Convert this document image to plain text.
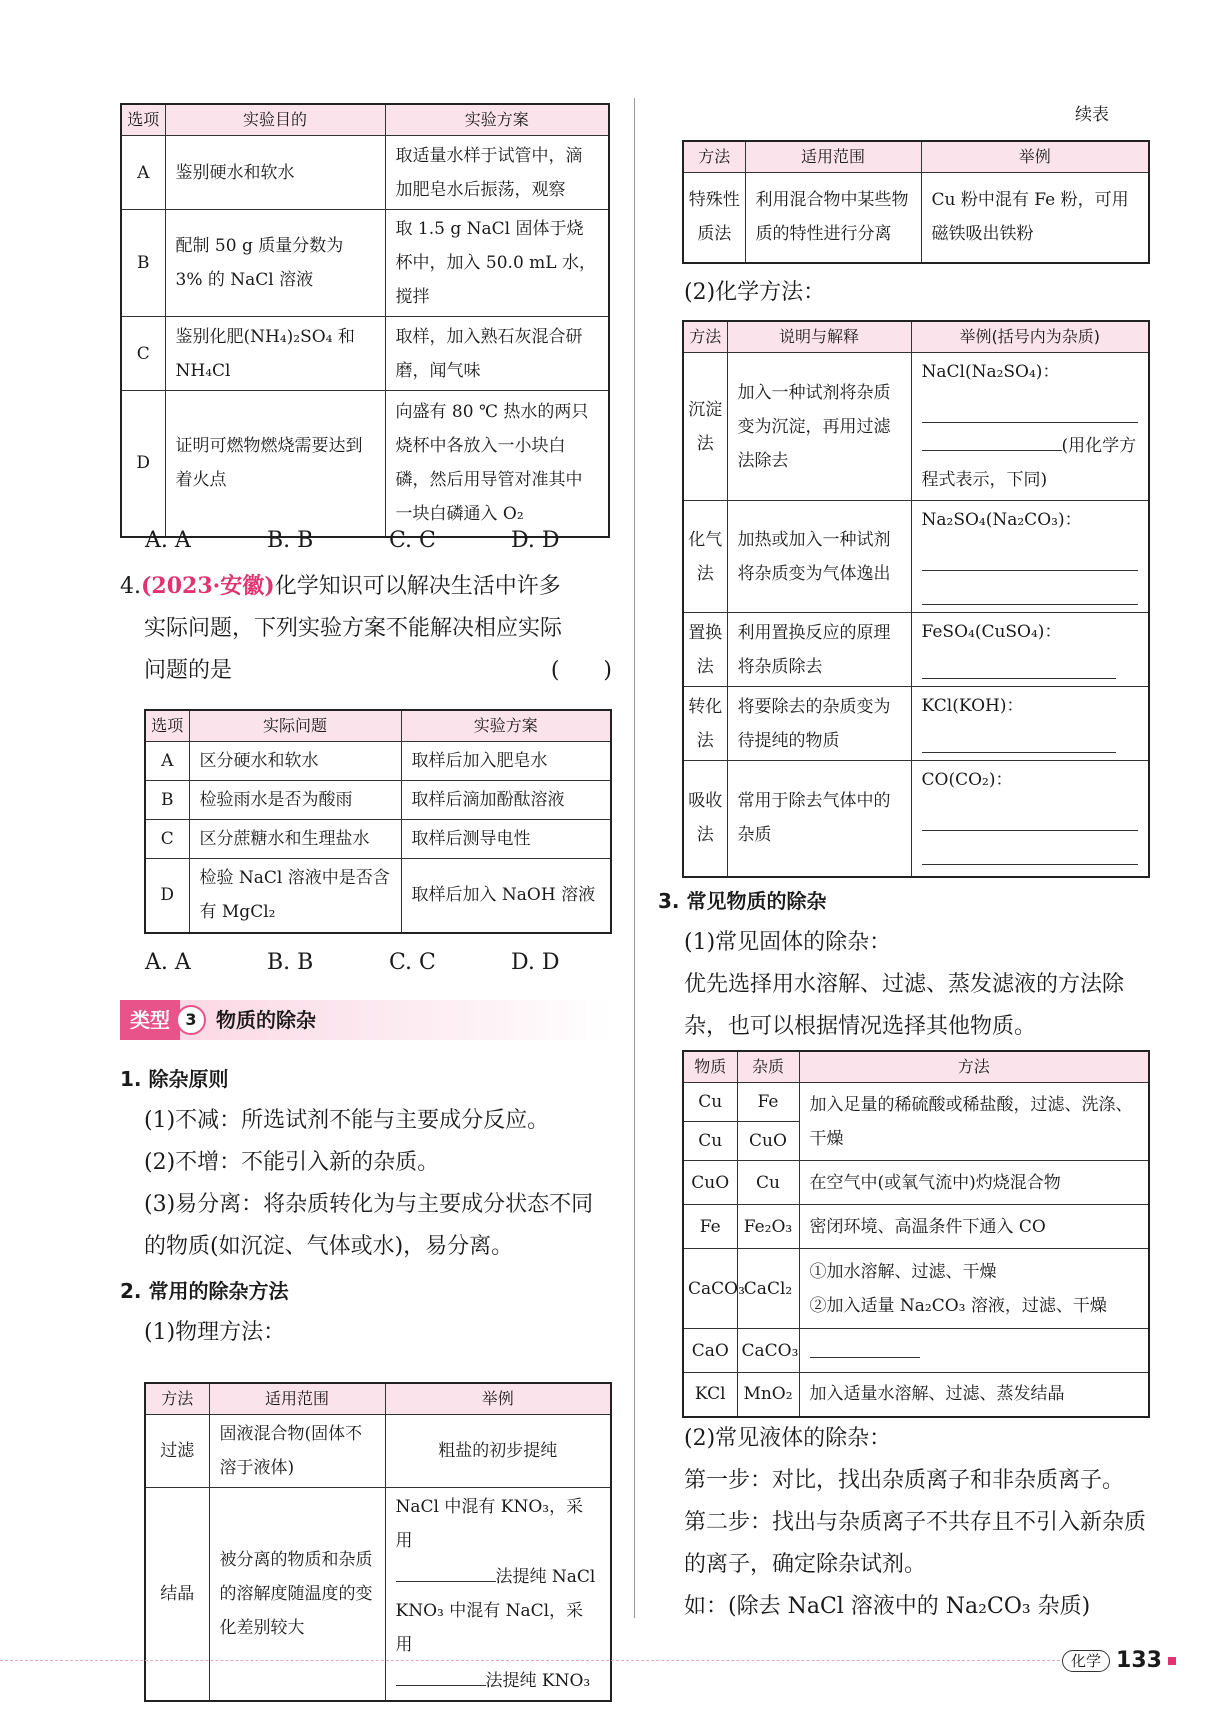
选项	实验目的	实验方案
A	鉴别硬水和软水	取适量水样于试管中，滴加肥皂水后振荡，观察
B	配制 50 g 质量分数为 3% 的 NaCl 溶液	取 1.5 g NaCl 固体于烧杯中，加入 50.0 mL 水，搅拌
C	鉴别化肥(NH₄)₂SO₄ 和 NH₄Cl	取样，加入熟石灰混合研磨，闻气味
D	证明可燃物燃烧需要达到着火点	向盛有 80 ℃ 热水的两只烧杯中各放入一小块白磷，然后用导管对准其中一块白磷通入 O₂
A. A	B. B	C. C	D. D
4.(2023·安徽)化学知识可以解决生活中许多
实际问题，下列实验方案不能解决相应实际
问题的是	(　　)
选项	实际问题	实验方案
A	区分硬水和软水	取样后加入肥皂水
B	检验雨水是否为酸雨	取样后滴加酚酞溶液
C	区分蔗糖水和生理盐水	取样后测导电性
D	检验 NaCl 溶液中是否含有 MgCl₂	取样后加入 NaOH 溶液
A. A	B. B	C. C	D. D
类型 3 物质的除杂
1. 除杂原则
(1)不减：所选试剂不能与主要成分反应。
(2)不增：不能引入新的杂质。
(3)易分离：将杂质转化为与主要成分状态不同的物质(如沉淀、气体或水)，易分离。
2. 常用的除杂方法
(1)物理方法：
方法	适用范围	举例
过滤	固液混合物(固体不溶于液体)	粗盐的初步提纯
结晶	被分离的物质和杂质的溶解度随温度的变化差别较大	NaCl 中混有 KNO₃，采用
法提纯 NaCl
KNO₃ 中混有 NaCl，采用
法提纯 KNO₃
续表
方法	适用范围	举例
特殊性质法	利用混合物中某些物质的特性进行分离	Cu 粉中混有 Fe 粉，可用磁铁吸出铁粉
(2)化学方法：
方法	说明与解释	举例(括号内为杂质)
沉淀法	加入一种试剂将杂质变为沉淀，再用过滤法除去	NaCl(Na₂SO₄)：
(用化学方程式表示，下同)

化气法	加热或加入一种试剂将杂质变为气体逸出	Na₂SO₄(Na₂CO₃)：

置换法	利用置换反应的原理将杂质除去	FeSO₄(CuSO₄)：

转化法	将要除去的杂质变为待提纯的物质	KCl(KOH)：

吸收法	常用于除去气体中的杂质	CO(CO₂)：
3. 常见物质的除杂
(1)常见固体的除杂：
优先选择用水溶解、过滤、蒸发滤液的方法除杂，也可以根据情况选择其他物质。
物质	杂质	方法
Cu	Fe	加入足量的稀硫酸或稀盐酸，过滤、洗涤、干燥
Cu	CuO	
CuO	Cu	在空气中(或氧气流中)灼烧混合物
Fe	Fe₂O₃	密闭环境、高温条件下通入 CO
CaCO₃	CaCl₂	①加水溶解、过滤、干燥
②加入适量 Na₂CO₃ 溶液，过滤、干燥

CaO	CaCO₃	
KCl	MnO₂	加入适量水溶解、过滤、蒸发结晶
(2)常见液体的除杂：
第一步：对比，找出杂质离子和非杂质离子。
第二步：找出与杂质离子不共存且不引入新杂质的离子，确定除杂试剂。
如：(除去 NaCl 溶液中的 Na₂CO₃ 杂质)
化学 133
